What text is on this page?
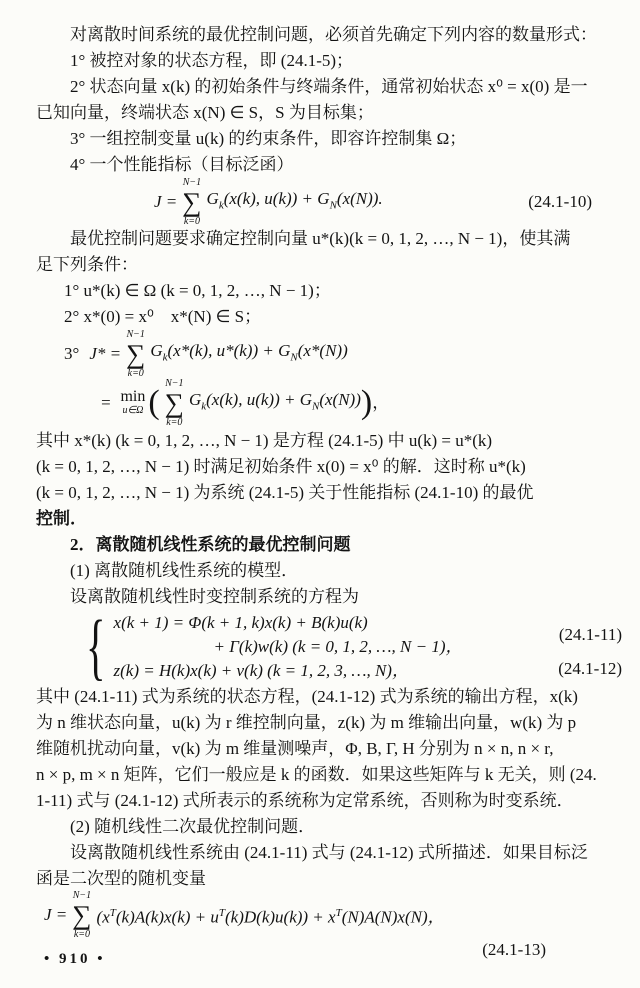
对离散时间系统的最优控制问题，必须首先确定下列内容的数量形式：

1° 被控对象的状态方程，即 (24.1-5)；

2° 状态向量 x(k) 的初始条件与终端条件，通常初始状态 x⁰ = x(0) 是一

已知向量，终端状态 x(N) ∈ S，S 为目标集；

3° 一组控制变量 u(k) 的约束条件，即容许控制集 Ω；

4° 一个性能指标（目标泛函）

J =
N−1
∑
k=0
$G_k(x(k)$, $u(k)) + G_N(x(N))$.	(24.1-10)

最优控制问题要求确定控制向量 u*(k)(k = 0, 1, 2, …, N − 1)，使其满

足下列条件：

1° u*(k) ∈ Ω (k = 0, 1, 2, …, N − 1)；

2° x*(0) = x⁰　x*(N) ∈ S；

3° J* =
N−1
∑
k=0
$G_k(x*(k)$, $u*(k)) + G_N(x*(N))$
= min
u∈Ω (
N−1
∑
k=0
$G_k(x(k)$, $u(k)) + G_N(x(N))$ ) ，

其中 x*(k) (k = 0, 1, 2, …, N − 1) 是方程 (24.1-5) 中 u(k) = u*(k)

(k = 0, 1, 2, …, N − 1) 时满足初始条件 x(0) = x⁰ 的解．这时称 u*(k)

(k = 0, 1, 2, …, N − 1) 为系统 (24.1-5) 关于性能指标 (24.1-10) 的最优

控制．

2．离散随机线性系统的最优控制问题

(1) 离散随机线性系统的模型．

设离散随机线性时变控制系统的方程为

{ x(k + 1) = Φ(k + 1, k)x(k) + B(k)u(k)
+ Γ(k)w(k) (k = 0, 1, 2, …, N − 1)，
z(k) = H(k)x(k) + v(k) (k = 1, 2, 3, …, N)，
(24.1-11)
(24.1-12)

其中 (24.1-11) 式为系统的状态方程，(24.1-12) 式为系统的输出方程，x(k)

为 n 维状态向量，u(k) 为 r 维控制向量，z(k) 为 m 维输出向量，w(k) 为 p

维随机扰动向量，v(k) 为 m 维量测噪声，Φ, B, Γ, H 分别为 n × n, n × r,

n × p, m × n 矩阵，它们一般应是 k 的函数．如果这些矩阵与 k 无关，则 (24.

1-11) 式与 (24.1-12) 式所表示的系统称为定常系统，否则称为时变系统．

(2) 随机线性二次最优控制问题．

设离散随机线性系统由 (24.1-11) 式与 (24.1-12) 式所描述．如果目标泛

函是二次型的随机变量

J =
N−1
∑
k=0
$(x^T(k)A(k)x(k) + u^T(k)D(k)u(k)) + x^T(N)A(N)x(N)$，

(24.1-13)

• 910 •
